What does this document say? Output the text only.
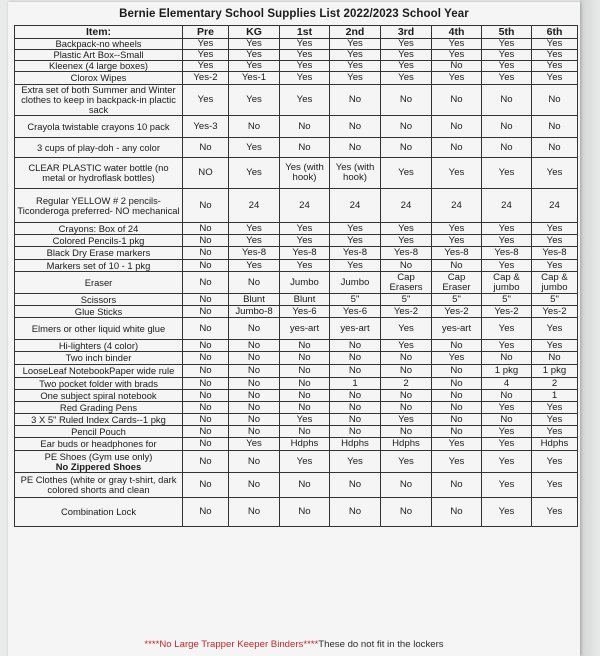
Bernie Elementary School Supplies List 2022/2023 School Year
Item:	Pre	KG	1st	2nd	3rd	4th	5th	6th
Backpack-no wheels	Yes	Yes	Yes	Yes	Yes	Yes	Yes	Yes
Plastic Art Box--Small	Yes	Yes	Yes	Yes	Yes	Yes	Yes	Yes
Kleenex (4 large boxes)	Yes	Yes	Yes	Yes	Yes	No	Yes	Yes
Clorox Wipes	Yes-2	Yes-1	Yes	Yes	Yes	Yes	Yes	Yes
Extra set of both Summer and Winter clothes to keep in backpack-in plactic sack	Yes	Yes	Yes	No	No	No	No	No
Crayola twistable crayons 10 pack	Yes-3	No	No	No	No	No	No	No
3 cups of play-doh - any color	No	Yes	No	No	No	No	No	No
CLEAR PLASTIC water bottle (no metal or hydroflask bottles)	NO	Yes	Yes (with hook)	Yes (with hook)	Yes	Yes	Yes	Yes
Regular YELLOW # 2 pencils-Ticonderoga preferred- NO mechanical	No	24	24	24	24	24	24	24
Crayons: Box of 24	No	Yes	Yes	Yes	Yes	Yes	Yes	Yes
Colored Pencils-1 pkg	No	Yes	Yes	Yes	Yes	Yes	Yes	Yes
Black Dry Erase markers	No	Yes-8	Yes-8	Yes-8	Yes-8	Yes-8	Yes-8	Yes-8
Markers set of 10 - 1 pkg	No	Yes	Yes	Yes	No	No	Yes	Yes
Eraser	No	No	Jumbo	Jumbo	Cap Erasers	Cap Eraser	Cap & jumbo	Cap & jumbo
Scissors	No	Blunt	Blunt	5"	5"	5"	5"	5"
Glue Sticks	No	Jumbo-8	Yes-6	Yes-6	Yes-2	Yes-2	Yes-2	Yes-2
Elmers or other liquid white glue	No	No	yes-art	yes-art	Yes	yes-art	Yes	Yes
Hi-lighters (4 color)	No	No	No	No	Yes	No	Yes	Yes
Two inch binder	No	No	No	No	No	Yes	No	No
LooseLeaf NotebookPaper wide rule	No	No	No	No	No	No	1 pkg	1 pkg
Two pocket folder with brads	No	No	No	1	2	No	4	2
One subject spiral notebook	No	No	No	No	No	No	No	1
Red Grading Pens	No	No	No	No	No	No	Yes	Yes
3 X 5" Ruled Index Cards--1 pkg	No	No	Yes	No	Yes	No	No	Yes
Pencil Pouch	No	No	No	No	No	No	Yes	Yes
Ear buds or headphones for	No	Yes	Hdphs	Hdphs	Hdphs	Yes	Yes	Hdphs

PE Shoes (Gym use only)
No Zippered Shoes	No	No	Yes	Yes	Yes	Yes	Yes	Yes
PE Clothes (white or gray t-shirt, dark colored shorts and clean	No	No	No	No	No	No	Yes	Yes
Combination Lock	No	No	No	No	No	No	Yes	Yes
****No Large Trapper Keeper Binders****These do not fit in the lockers
